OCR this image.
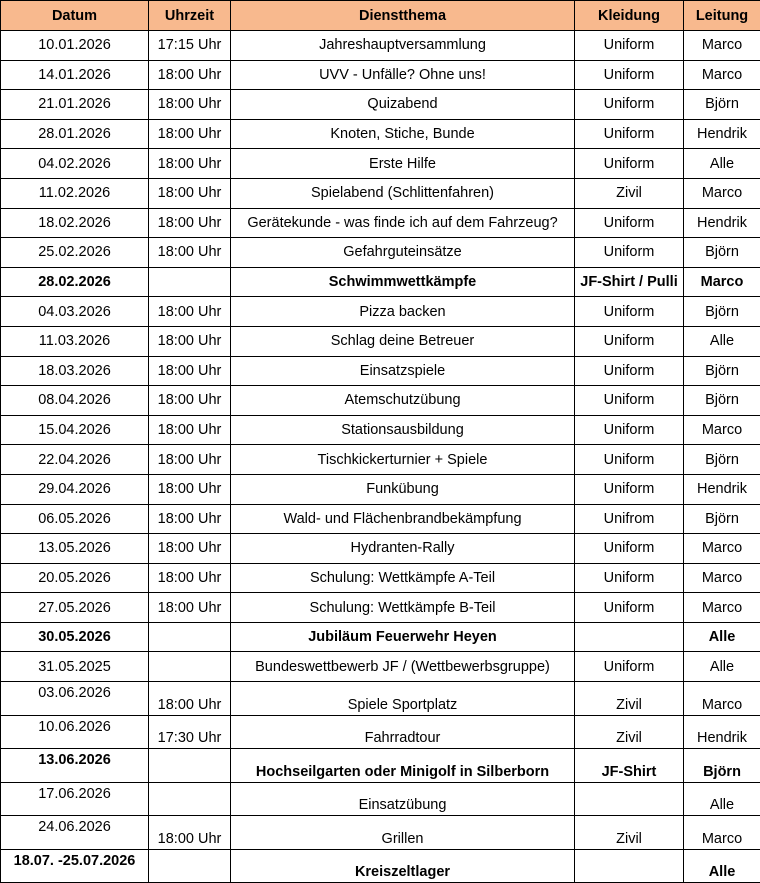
Datum	Uhrzeit	Dienstthema	Kleidung	Leitung
10.01.2026	17:15 Uhr	Jahreshauptversammlung	Uniform	Marco
14.01.2026	18:00 Uhr	UVV - Unfälle? Ohne uns!	Uniform	Marco
21.01.2026	18:00 Uhr	Quizabend	Uniform	Björn
28.01.2026	18:00 Uhr	Knoten, Stiche, Bunde	Uniform	Hendrik
04.02.2026	18:00 Uhr	Erste Hilfe	Uniform	Alle
11.02.2026	18:00 Uhr	Spielabend (Schlittenfahren)	Zivil	Marco
18.02.2026	18:00 Uhr	Gerätekunde - was finde ich auf dem Fahrzeug?	Uniform	Hendrik
25.02.2026	18:00 Uhr	Gefahrguteinsätze	Uniform	Björn
28.02.2026		Schwimmwettkämpfe	JF-Shirt / Pulli	Marco
04.03.2026	18:00 Uhr	Pizza backen	Uniform	Björn
11.03.2026	18:00 Uhr	Schlag deine Betreuer	Uniform	Alle
18.03.2026	18:00 Uhr	Einsatzspiele	Uniform	Björn
08.04.2026	18:00 Uhr	Atemschutzübung	Uniform	Björn
15.04.2026	18:00 Uhr	Stationsausbildung	Uniform	Marco
22.04.2026	18:00 Uhr	Tischkickerturnier + Spiele	Uniform	Björn
29.04.2026	18:00 Uhr	Funkübung	Uniform	Hendrik
06.05.2026	18:00 Uhr	Wald- und Flächenbrandbekämpfung	Unifrom	Björn
13.05.2026	18:00 Uhr	Hydranten-Rally	Uniform	Marco
20.05.2026	18:00 Uhr	Schulung: Wettkämpfe A-Teil	Uniform	Marco
27.05.2026	18:00 Uhr	Schulung: Wettkämpfe B-Teil	Uniform	Marco
30.05.2026		Jubiläum Feuerwehr Heyen		Alle
31.05.2025		Bundeswettbewerb JF / (Wettbewerbsgruppe)	Uniform	Alle
03.06.2026	18:00 Uhr	Spiele Sportplatz	Zivil	Marco
10.06.2026	17:30 Uhr	Fahrradtour	Zivil	Hendrik
13.06.2026		Hochseilgarten oder Minigolf in Silberborn	JF-Shirt	Björn
17.06.2026		Einsatzübung		Alle
24.06.2026	18:00 Uhr	Grillen	Zivil	Marco
18.07. -25.07.2026		Kreiszeltlager		Alle
